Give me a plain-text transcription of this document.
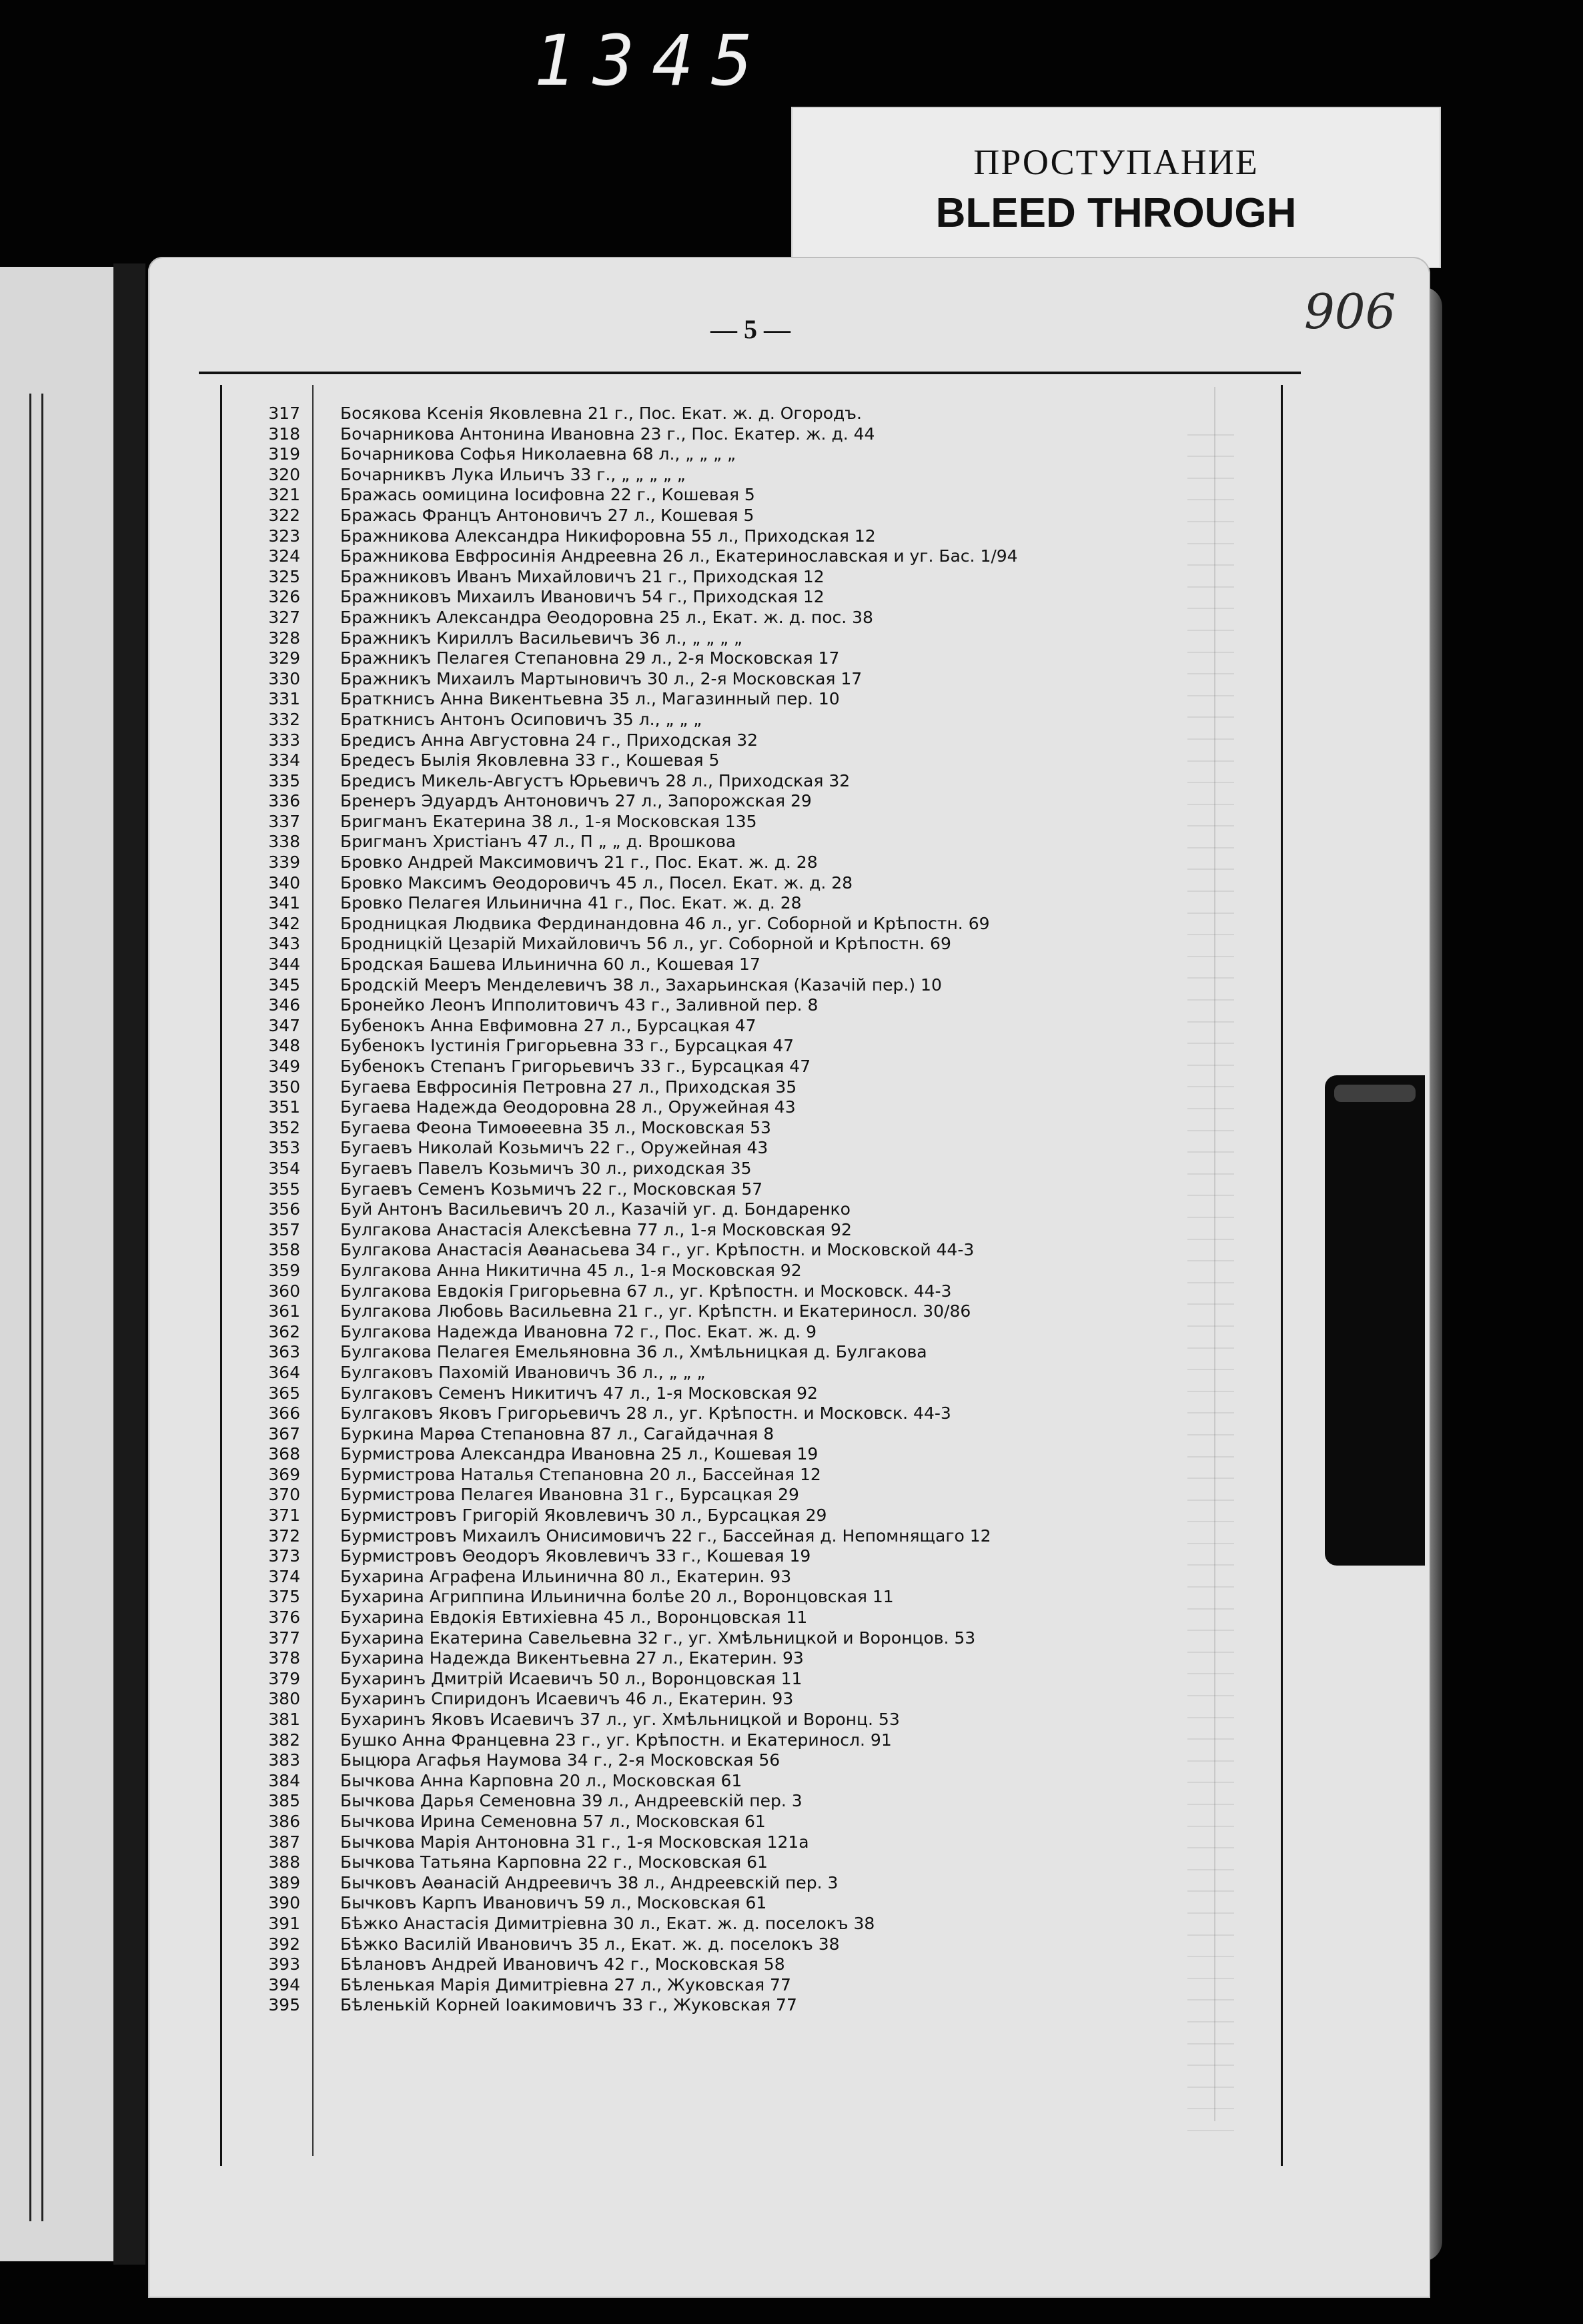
1345
ПРОСТУПАНИЕ
BLEED THROUGH
— 5 —	906
317 Босякова Ксенія Яковлевна 21 г., Пос. Екат. ж. д. Огородъ.
318 Бочарникова Антонина Ивановна 23 г., Пос. Екатер. ж. д. 44
319 Бочарникова Софья Николаевна 68 л., „ „ „ „
320 Бочарниквъ Лука Ильичъ 33 г., „ „ „ „ „
321 Бражась оомицина Іосифовна 22 г., Кошевая 5
322 Бражась Францъ Антоновичъ 27 л., Кошевая 5
323 Бражникова Александра Никифоровна 55 л., Приходская 12
324 Бражникова Евфросинія Андреевна 26 л., Екатеринославская и уг. Бас. 1/94
325 Бражниковъ Иванъ Михайловичъ 21 г., Приходская 12
326 Бражниковъ Михаилъ Ивановичъ 54 г., Приходская 12
327 Бражникъ Александра Θеодоровна 25 л., Екат. ж. д. пос. 38
328 Бражникъ Кириллъ Васильевичъ 36 л., „ „ „ „
329 Бражникъ Пелагея Степановна 29 л., 2-я Московская 17
330 Бражникъ Михаилъ Мартыновичъ 30 л., 2-я Московская 17
331 Браткнисъ Анна Викентьевна 35 л., Магазинный пер. 10
332 Браткнисъ Антонъ Осиповичъ 35 л., „ „ „
333 Бредисъ Анна Августовна 24 г., Приходская 32
334 Бредесъ Былія Яковлевна 33 г., Кошевая 5
335 Бредисъ Микель-Августъ Юрьевичъ 28 л., Приходская 32
336 Бренеръ Эдуардъ Антоновичъ 27 л., Запорожская 29
337 Бригманъ Екатерина 38 л., 1-я Московская 135
338 Бригманъ Христіанъ 47 л., П „ „ д. Врошкова
339 Бровко Андрей Максимовичъ 21 г., Пос. Екат. ж. д. 28
340 Бровко Максимъ Θеодоровичъ 45 л., Посел. Екат. ж. д. 28
341 Бровко Пелагея Ильинична 41 г., Пос. Екат. ж. д. 28
342 Бродницкая Людвика Фердинандовна 46 л., уг. Соборной и Крѣпостн. 69
343 Бродницкій Цезарій Михайловичъ 56 л., уг. Соборной и Крѣпостн. 69
344 Бродская Башева Ильинична 60 л., Кошевая 17
345 Бродскій Мееръ Менделевичъ 38 л., Захарьинская (Казачій пер.) 10
346 Бронейко Леонъ Ипполитовичъ 43 г., Заливной пер. 8
347 Бубенокъ Анна Евфимовна 27 л., Бурсацкая 47
348 Бубенокъ Іустинія Григорьевна 33 г., Бурсацкая 47
349 Бубенокъ Степанъ Григорьевичъ 33 г., Бурсацкая 47
350 Бугаева Евфросинія Петровна 27 л., Приходская 35
351 Бугаева Надежда Θеодоровна 28 л., Оружейная 43
352 Бугаева Феона Тимоѳеевна 35 л., Московская 53
353 Бугаевъ Николай Козьмичъ 22 г., Оружейная 43
354 Бугаевъ Павелъ Козьмичъ 30 л., риходская 35
355 Бугаевъ Семенъ Козьмичъ 22 г., Московская 57
356 Буй Антонъ Васильевичъ 20 л., Казачій уг. д. Бондаренко
357 Булгакова Анастасія Алексѣевна 77 л., 1-я Московская 92
358 Булгакова Анастасія Аѳанасьева 34 г., уг. Крѣпостн. и Московской 44-3
359 Булгакова Анна Никитична 45 л., 1-я Московская 92
360 Булгакова Евдокія Григорьевна 67 л., уг. Крѣпостн. и Московск. 44-3
361 Булгакова Любовь Васильевна 21 г., уг. Крѣпстн. и Екатериносл. 30/86
362 Булгакова Надежда Ивановна 72 г., Пос. Екат. ж. д. 9
363 Булгакова Пелагея Емельяновна 36 л., Хмѣльницкая д. Булгакова
364 Булгаковъ Пахомій Ивановичъ 36 л., „ „ „
365 Булгаковъ Семенъ Никитичъ 47 л., 1-я Московская 92
366 Булгаковъ Яковъ Григорьевичъ 28 л., уг. Крѣпостн. и Московск. 44-3
367 Буркина Марѳа Степановна 87 л., Сагайдачная 8
368 Бурмистрова Александра Ивановна 25 л., Кошевая 19
369 Бурмистрова Наталья Степановна 20 л., Бассейная 12
370 Бурмистрова Пелагея Ивановна 31 г., Бурсацкая 29
371 Бурмистровъ Григорій Яковлевичъ 30 л., Бурсацкая 29
372 Бурмистровъ Михаилъ Онисимовичъ 22 г., Бассейная д. Непомнящаго 12
373 Бурмистровъ Θеодоръ Яковлевичъ 33 г., Кошевая 19
374 Бухарина Аграфена Ильинична 80 л., Екатерин. 93
375 Бухарина Агриппина Ильинична болѣе 20 л., Воронцовская 11
376 Бухарина Евдокія Евтихіевна 45 л., Воронцовская 11
377 Бухарина Екатерина Савельевна 32 г., уг. Хмѣльницкой и Воронцов. 53
378 Бухарина Надежда Викентьевна 27 л., Екатерин. 93
379 Бухаринъ Дмитрій Исаевичъ 50 л., Воронцовская 11
380 Бухаринъ Спиридонъ Исаевичъ 46 л., Екатерин. 93
381 Бухаринъ Яковъ Исаевичъ 37 л., уг. Хмѣльницкой и Воронц. 53
382 Бушко Анна Францевна 23 г., уг. Крѣпостн. и Екатериносл. 91
383 Быцюра Агафья Наумова 34 г., 2-я Московская 56
384 Бычкова Анна Карповна 20 л., Московская 61
385 Бычкова Дарья Семеновна 39 л., Андреевскій пер. 3
386 Бычкова Ирина Семеновна 57 л., Московская 61
387 Бычкова Марія Антоновна 31 г., 1-я Московская 121а
388 Бычкова Татьяна Карповна 22 г., Московская 61
389 Бычковъ Аѳанасій Андреевичъ 38 л., Андреевскій пер. 3
390 Бычковъ Карпъ Ивановичъ 59 л., Московская 61
391 Бѣжко Анастасія Димитріевна 30 л., Екат. ж. д. поселокъ 38
392 Бѣжко Василій Ивановичъ 35 л., Екат. ж. д. поселокъ 38
393 Бѣлановъ Андрей Ивановичъ 42 г., Московская 58
394 Бѣленькая Марія Димитріевна 27 л., Жуковская 77
395 Бѣленькій Корней Іоакимовичъ 33 г., Жуковская 77
